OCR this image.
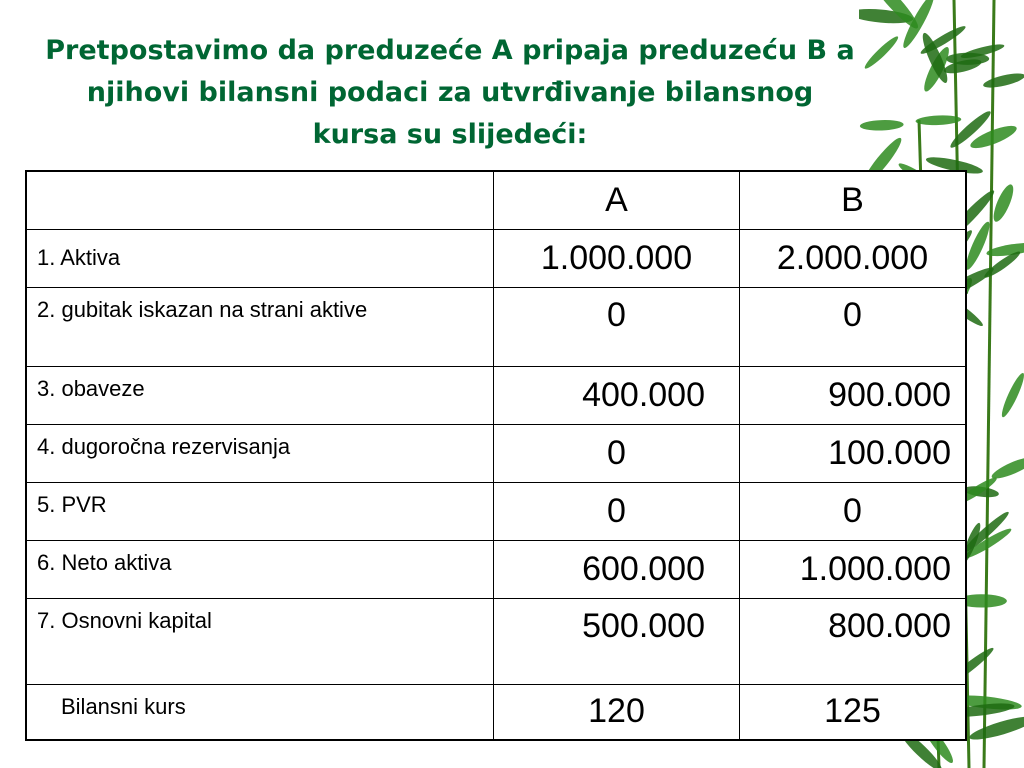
Pretpostavimo da preduzeće A pripaja preduzeću B a njihovi bilansni podaci za utvrđivanje bilansnog kursa su slijedeći:
	A	B
1. Aktiva	1.000.000	2.000.000
2. gubitak iskazan na strani aktive	0	0
3. obaveze	400.000	900.000
4. dugoročna rezervisanja	0	100.000
5. PVR	0	0
6. Neto aktiva	600.000	1.000.000
7. Osnovni kapital	500.000	800.000
Bilansni kurs	120	125
